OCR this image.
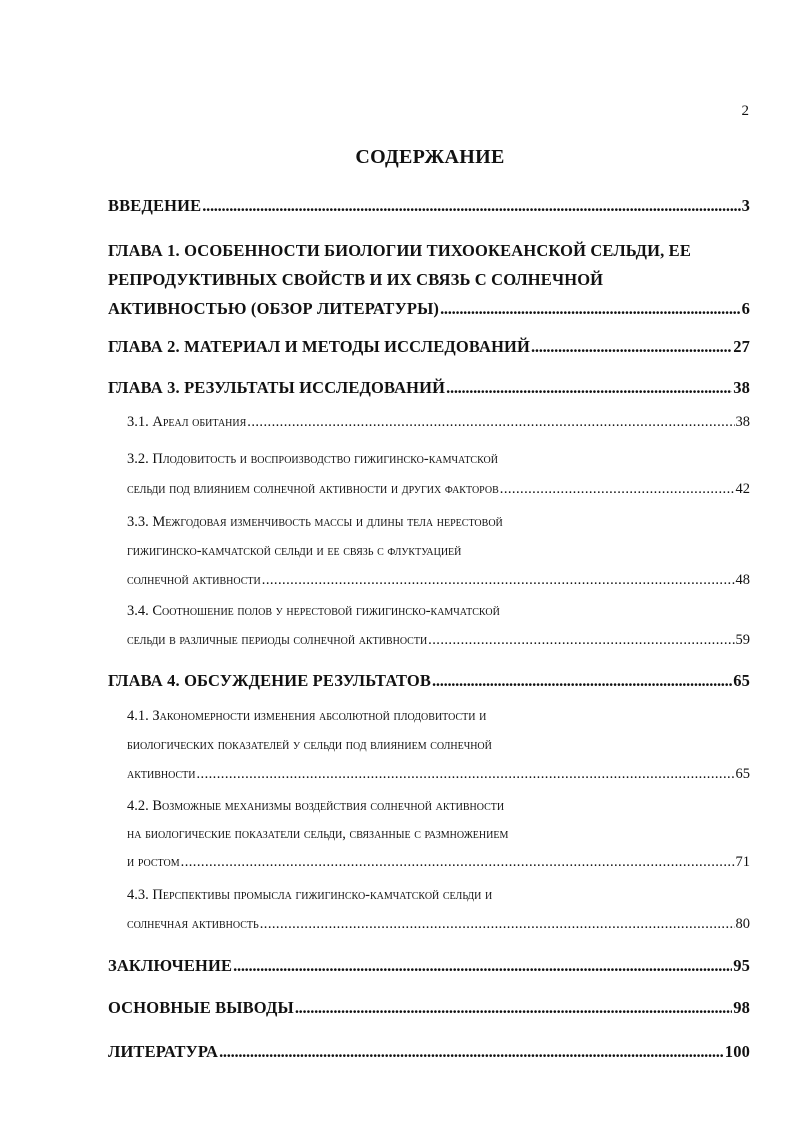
2
СОДЕРЖАНИЕ
ВВЕДЕНИЕ . . .	3
ГЛАВА 1. ОСОБЕННОСТИ БИОЛОГИИ ТИХООКЕАНСКОЙ СЕЛЬДИ, ЕЕ
РЕПРОДУКТИВНЫХ СВОЙСТВ И ИХ СВЯЗЬ С СОЛНЕЧНОЙ
АКТИВНОСТЬЮ (ОБЗОР ЛИТЕРАТУРЫ) . . .	6
ГЛАВА 2. МАТЕРИАЛ И МЕТОДЫ ИССЛЕДОВАНИЙ . . .	27
ГЛАВА 3. РЕЗУЛЬТАТЫ ИССЛЕДОВАНИЙ . . .	38
3.1. Ареал обитания . . .	38
3.2. Плодовитость и воспроизводство гижигинско-камчатской
сельди под влиянием солнечной активности и других факторов . . .	42
3.3. Межгодовая изменчивость массы и длины тела нерестовой
гижигинско-камчатской сельди и ее связь с флуктуацией
солнечной активности . . .	48
3.4. Соотношение полов у нерестовой гижигинско-камчатской
сельди в различные периоды солнечной активности . . .	59
ГЛАВА 4. ОБСУЖДЕНИЕ РЕЗУЛЬТАТОВ . . .	65
4.1. Закономерности изменения абсолютной плодовитости и
биологических показателей у сельди под влиянием солнечной
активности . . .	65
4.2. Возможные механизмы воздействия солнечной активности
на биологические показатели сельди, связанные с размножением
и ростом . . .	71
4.3. Перспективы промысла гижигинско-камчатской сельди и
солнечная активность . . .	80
ЗАКЛЮЧЕНИЕ . . .	95
ОСНОВНЫЕ ВЫВОДЫ . . .	98
ЛИТЕРАТУРА . . .	100
